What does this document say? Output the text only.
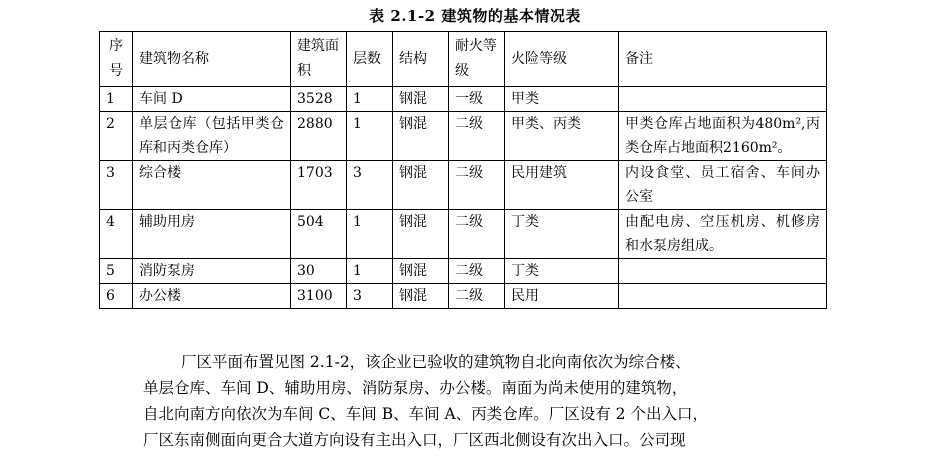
表 2.1-2 建筑物的基本情况表
序号	建筑物名称	建筑面积	层数	结构	耐火等级	火险等级	备注
1	车间 D	3528	1	钢混	一级	甲类	
2	单层仓库（包括甲类仓库和丙类仓库）	2880	1	钢混	二级	甲类、丙类	甲类仓库占地面积为480m²,丙类仓库占地面积2160m²。
3	综合楼	1703	3	钢混	二级	民用建筑	内设食堂、员工宿舍、车间办公室
4	辅助用房	504	1	钢混	二级	丁类	由配电房、空压机房、机修房和水泵房组成。
5	消防泵房	30	1	钢混	二级	丁类	
6	办公楼	3100	3	钢混	二级	民用	
厂区平面布置见图 2.1-2，该企业已验收的建筑物自北向南依次为综合楼、
单层仓库、车间 D、辅助用房、消防泵房、办公楼。南面为尚未使用的建筑物，
自北向南方向依次为车间 C、车间 B、车间 A、丙类仓库。厂区设有 2 个出入口，
厂区东南侧面向更合大道方向设有主出入口，厂区西北侧设有次出入口。公司现
